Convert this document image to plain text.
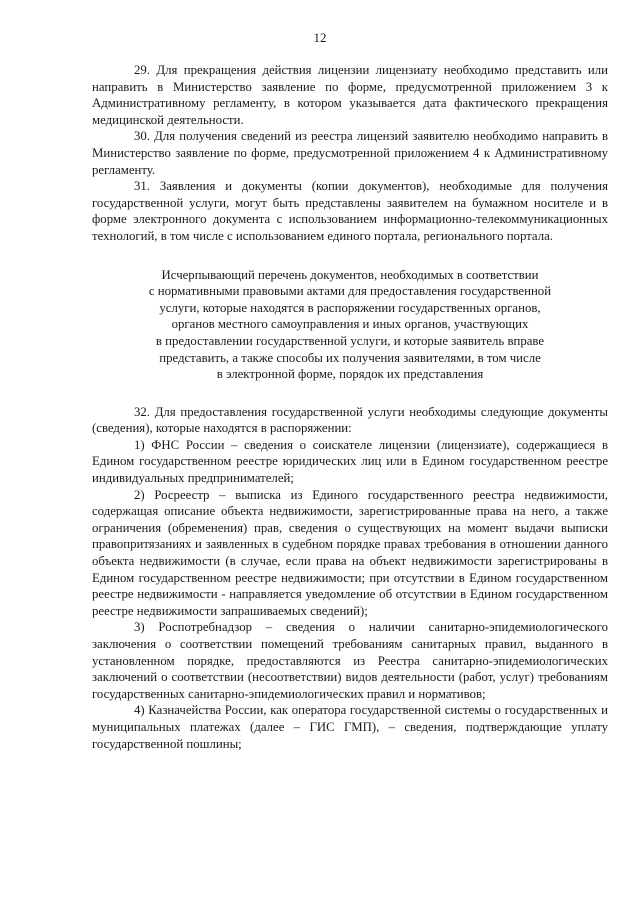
12

29. Для прекращения действия лицензии лицензиату необходимо представить или направить в Министерство заявление по форме, предусмотренной приложением 3 к Административному регламенту, в котором указывается дата фактического прекращения медицинской деятельности.

30. Для получения сведений из реестра лицензий заявителю необходимо направить в Министерство заявление по форме, предусмотренной приложением 4 к Административному регламенту.

31. Заявления и документы (копии документов), необходимые для получения государственной услуги, могут быть представлены заявителем на бумажном носителе и в форме электронного документа с использованием информационно-телекоммуникационных технологий, в том числе с использованием единого портала, регионального портала.

Исчерпывающий перечень документов, необходимых в соответствии
с нормативными правовыми актами для предоставления государственной
услуги, которые находятся в распоряжении государственных органов,
органов местного самоуправления и иных органов, участвующих
в предоставлении государственной услуги, и которые заявитель вправе
представить, а также способы их получения заявителями, в том числе
в электронной форме, порядок их представления

32. Для предоставления государственной услуги необходимы следующие документы (сведения), которые находятся в распоряжении:

1) ФНС России – сведения о соискателе лицензии (лицензиате), содержащиеся в Едином государственном реестре юридических лиц или в Едином государственном реестре индивидуальных предпринимателей;

2) Росреестр – выписка из Единого государственного реестра недвижимости, содержащая описание объекта недвижимости, зарегистрированные права на него, а также ограничения (обременения) прав, сведения о существующих на момент выдачи выписки правопритязаниях и заявленных в судебном порядке правах требования в отношении данного объекта недвижимости (в случае, если права на объект недвижимости зарегистрированы в Едином государственном реестре недвижимости; при отсутствии в Едином государственном реестре недвижимости - направляется уведомление об отсутствии в Едином государственном реестре недвижимости запрашиваемых сведений);

3) Роспотребнадзор – сведения о наличии санитарно-эпидемиологического заключения о соответствии помещений требованиям санитарных правил, выданного в установленном порядке, предоставляются из Реестра санитарно-эпидемиологических заключений о соответствии (несоответствии) видов деятельности (работ, услуг) требованиям государственных санитарно-эпидемиологических правил и нормативов;

4) Казначейства России, как оператора государственной системы о государственных и муниципальных платежах (далее – ГИС ГМП), – сведения, подтверждающие уплату государственной пошлины;
